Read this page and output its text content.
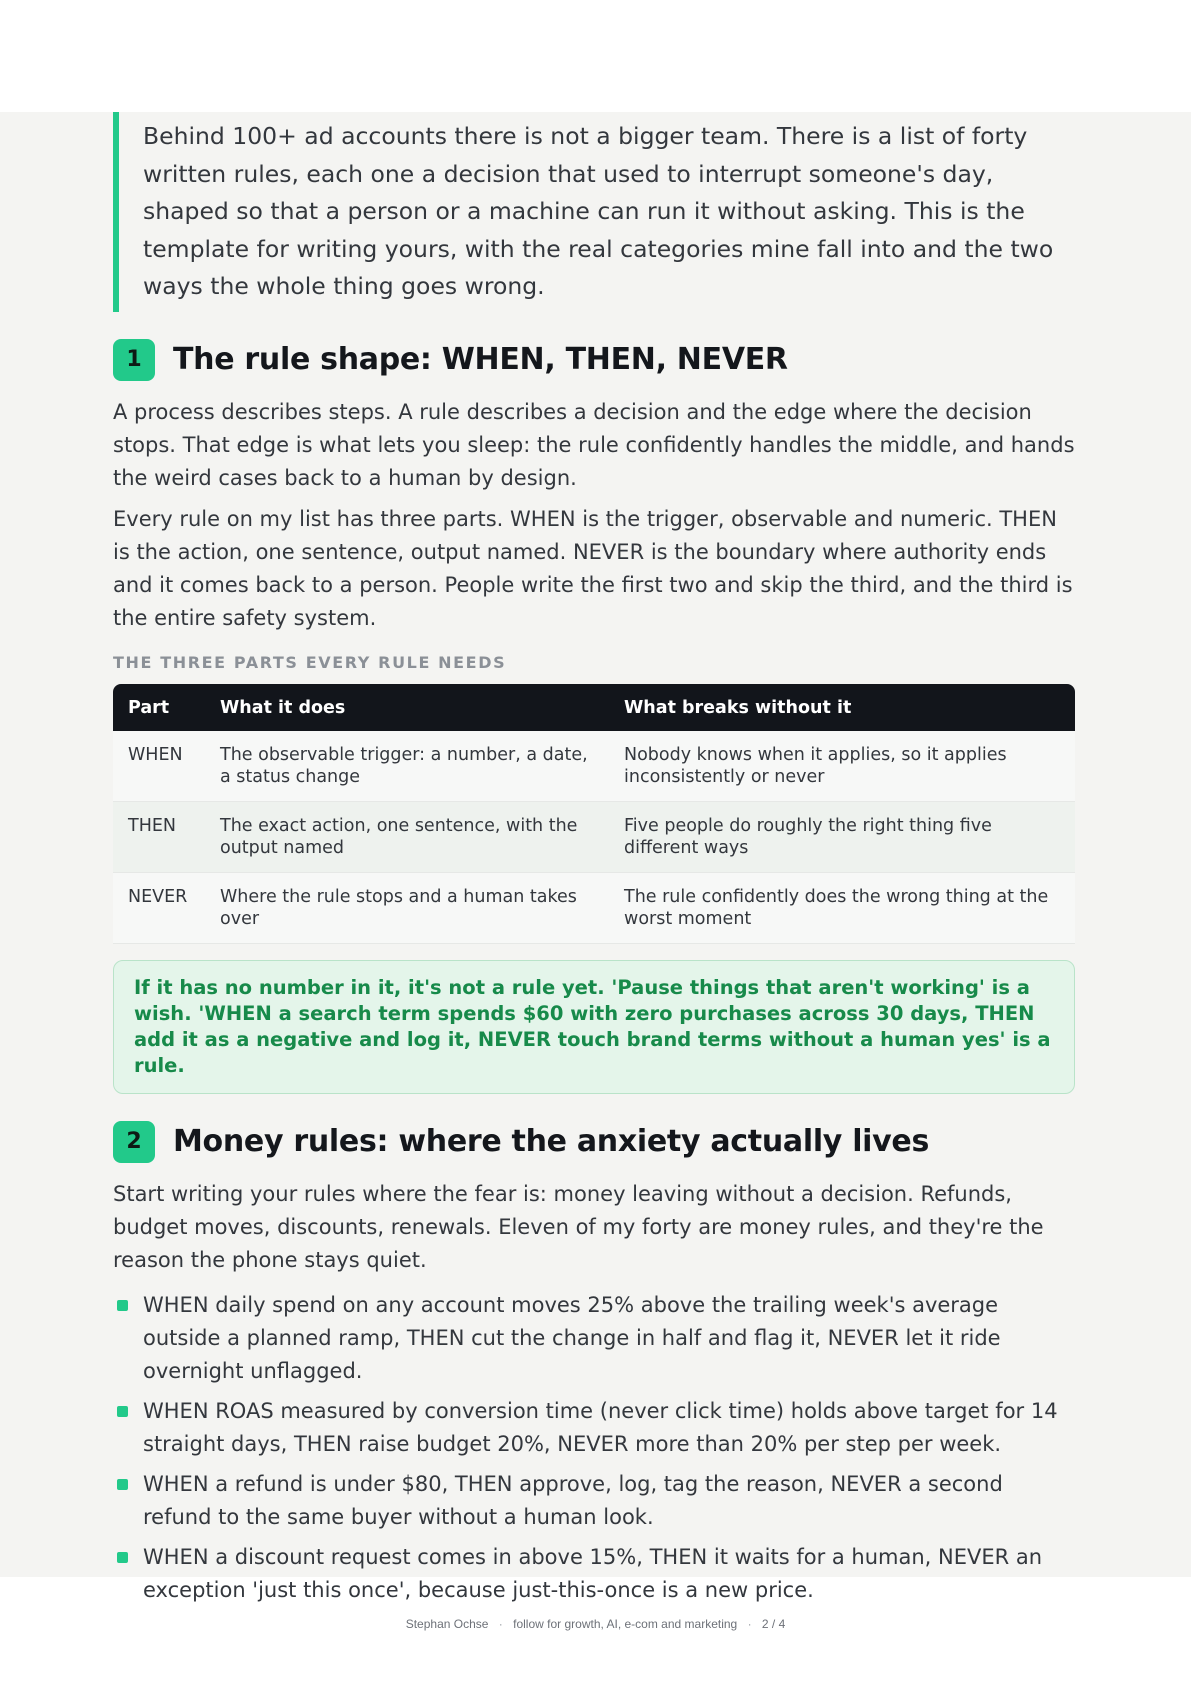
Behind 100+ ad accounts there is not a bigger team. There is a list of forty written rules, each one a decision that used to interrupt someone's day, shaped so that a person or a machine can run it without asking. This is the template for writing yours, with the real categories mine fall into and the two ways the whole thing goes wrong.
1	The rule shape: WHEN, THEN, NEVER

A process describes steps. A rule describes a decision and the edge where the decision stops. That edge is what lets you sleep: the rule confidently handles the middle, and hands the weird cases back to a human by design.

Every rule on my list has three parts. WHEN is the trigger, observable and numeric. THEN is the action, one sentence, output named. NEVER is the boundary where authority ends and it comes back to a person. People write the first two and skip the third, and the third is the entire safety system.

THE THREE PARTS EVERY RULE NEEDS
Part	What it does	What breaks without it
WHEN	The observable trigger: a number, a date, a status change	Nobody knows when it applies, so it applies inconsistently or never
THEN	The exact action, one sentence, with the output named	Five people do roughly the right thing five different ways
NEVER	Where the rule stops and a human takes over	The rule confidently does the wrong thing at the worst moment
If it has no number in it, it's not a rule yet. 'Pause things that aren't working' is a wish. 'WHEN a search term spends $60 with zero purchases across 30 days, THEN add it as a negative and log it, NEVER touch brand terms without a human yes' is a rule.
2	Money rules: where the anxiety actually lives

Start writing your rules where the fear is: money leaving without a decision. Refunds, budget moves, discounts, renewals. Eleven of my forty are money rules, and they're the reason the phone stays quiet.

WHEN daily spend on any account moves 25% above the trailing week's average outside a planned ramp, THEN cut the change in half and flag it, NEVER let it ride overnight unflagged.
WHEN ROAS measured by conversion time (never click time) holds above target for 14 straight days, THEN raise budget 20%, NEVER more than 20% per step per week.
WHEN a refund is under $80, THEN approve, log, tag the reason, NEVER a second refund to the same buyer without a human look.
WHEN a discount request comes in above 15%, THEN it waits for a human, NEVER an exception 'just this once', because just-this-once is a new price.
Stephan Ochse · follow for growth, AI, e-com and marketing · 2 / 4
